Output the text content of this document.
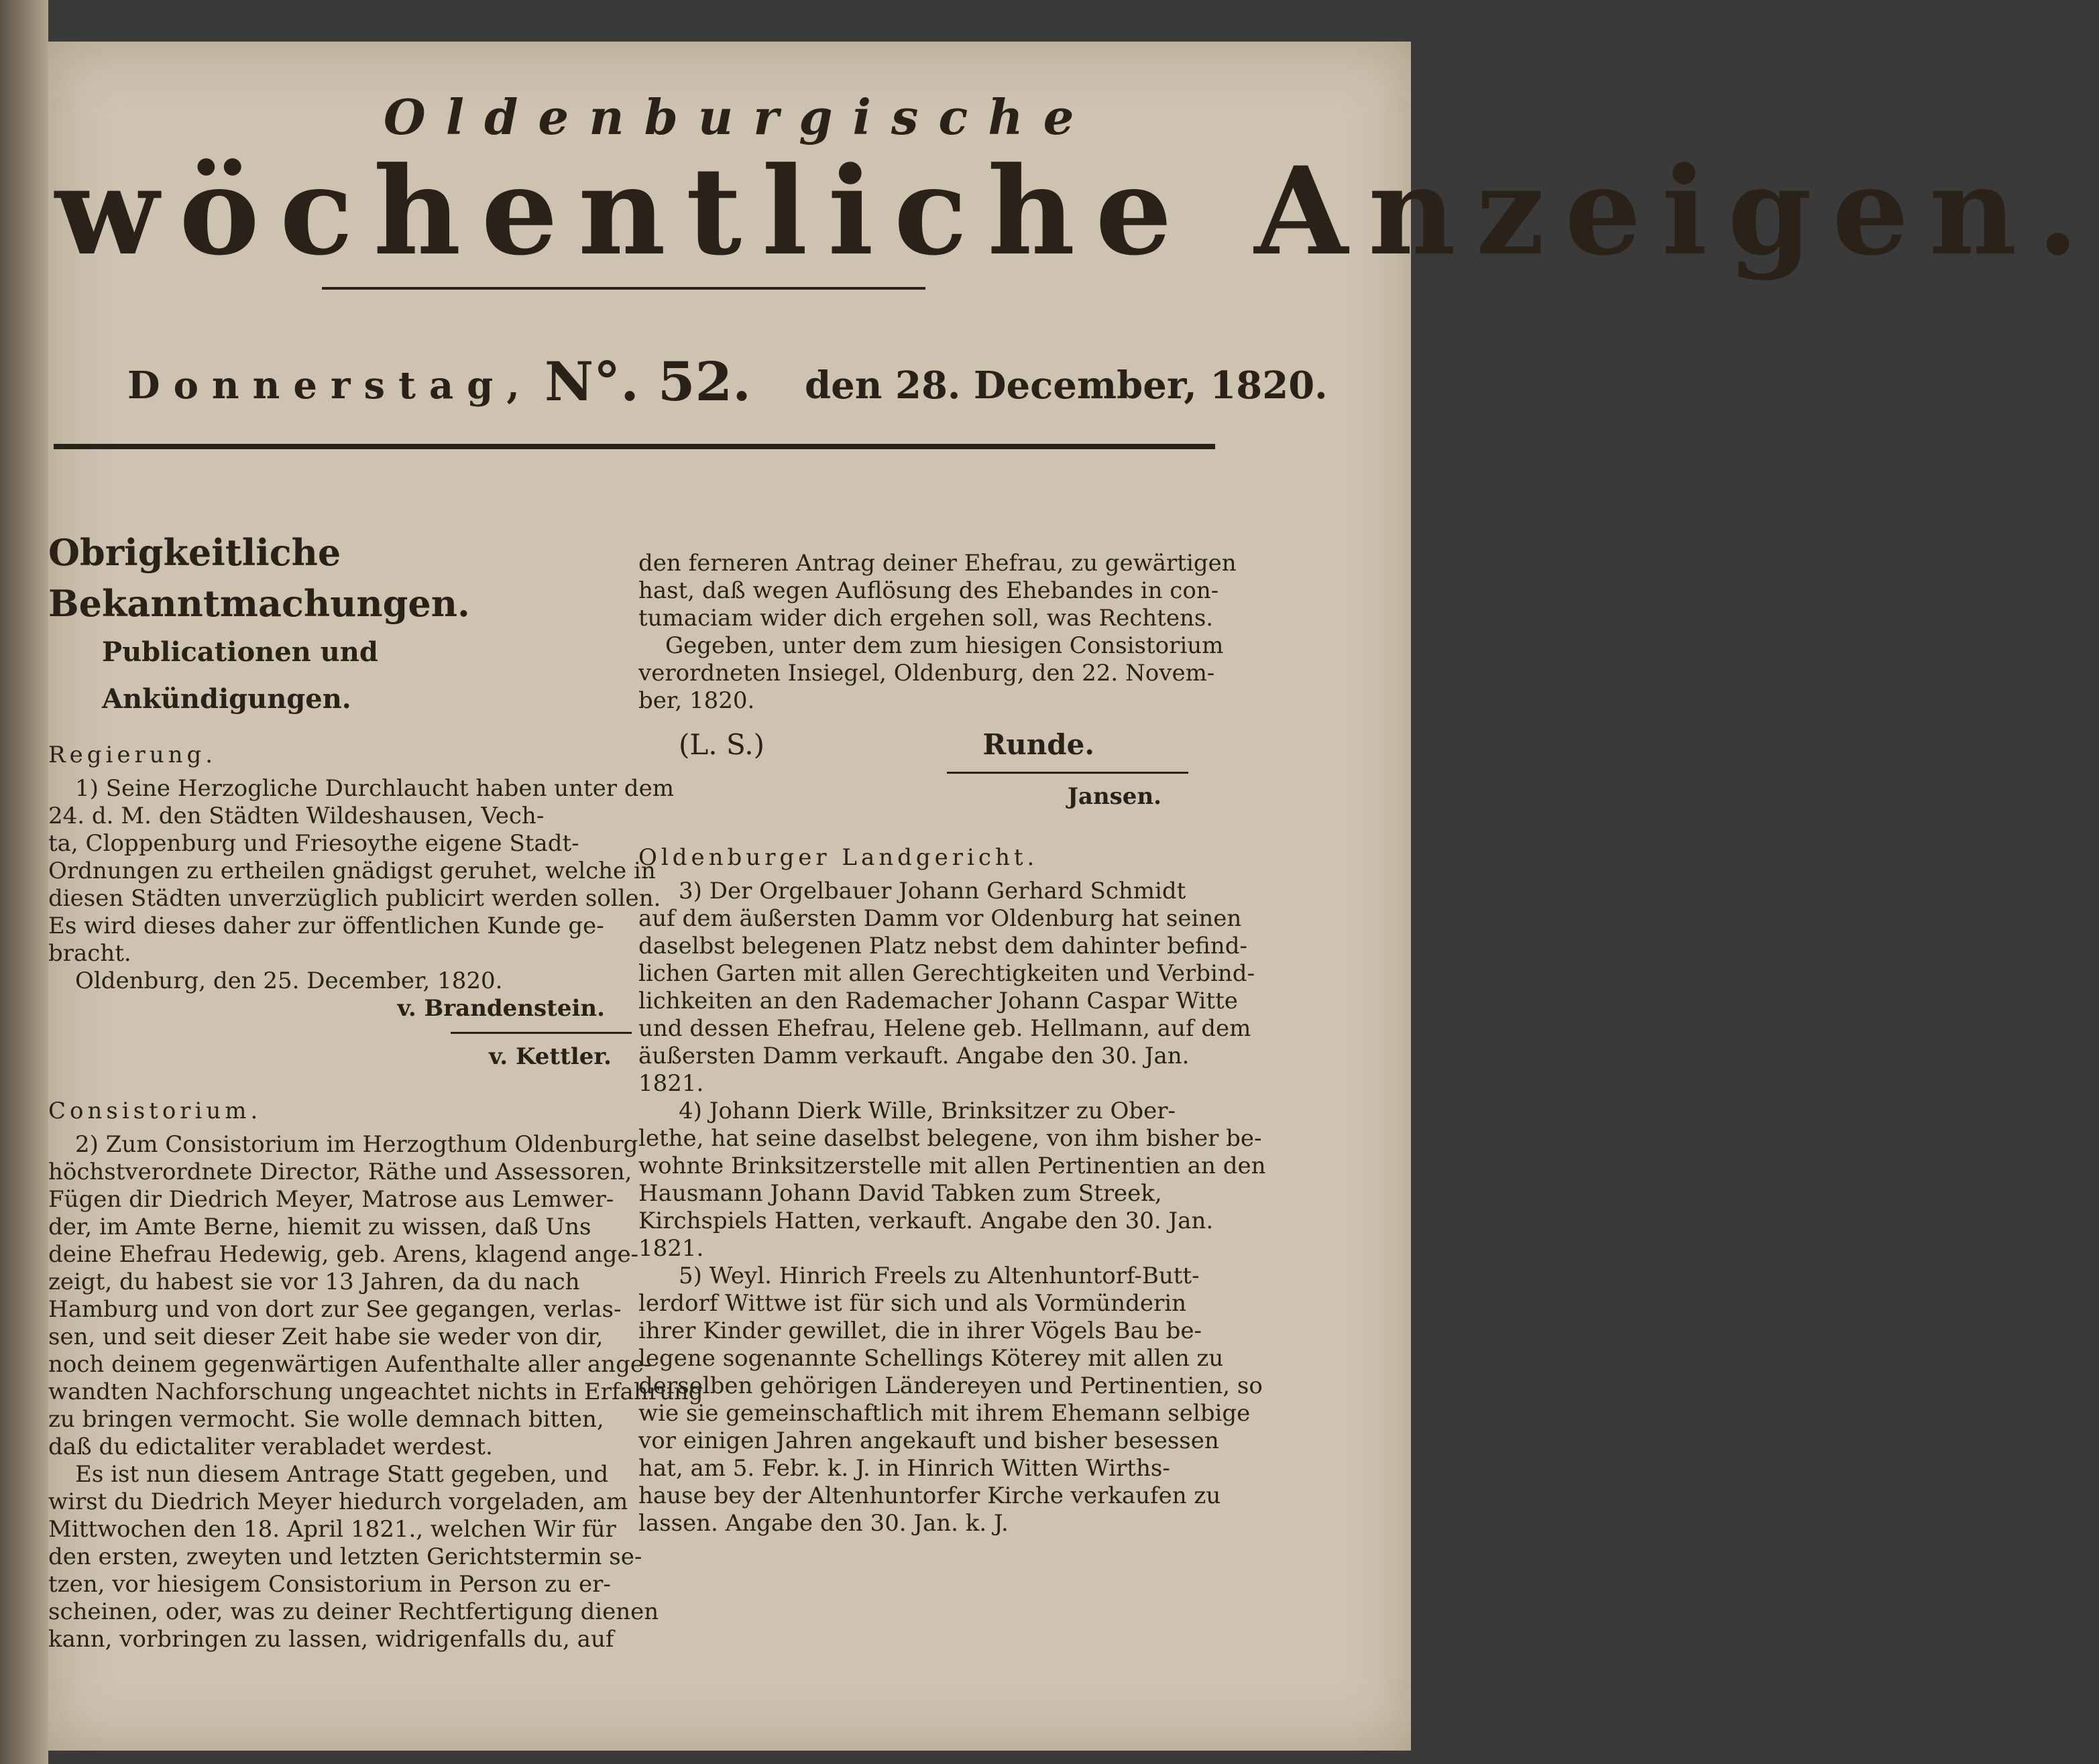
Oldenburgische
wöchentliche Anzeigen.
Donnerstag, N°. 52. den 28. December, 1820.
Obrigkeitliche Bekanntmachungen.
Publicationen und Ankündigungen.
Regierung.

1) Seine Herzogliche Durchlaucht haben unter dem

24. d. M. den Städten Wildeshausen, Vech-

ta, Cloppenburg und Friesoythe eigene Stadt-

Ordnungen zu ertheilen gnädigst geruhet, welche in

diesen Städten unverzüglich publicirt werden sollen.

Es wird dieses daher zur öffentlichen Kunde ge-

bracht.

Oldenburg, den 25. December, 1820.

v. Brandenstein.

v. Kettler.

Consistorium.

2) Zum Consistorium im Herzogthum Oldenburg

höchstverordnete Director, Räthe und Assessoren,

Fügen dir Diedrich Meyer, Matrose aus Lemwer-

der, im Amte Berne, hiemit zu wissen, daß Uns

deine Ehefrau Hedewig, geb. Arens, klagend ange-

zeigt, du habest sie vor 13 Jahren, da du nach

Hamburg und von dort zur See gegangen, verlas-

sen, und seit dieser Zeit habe sie weder von dir,

noch deinem gegenwärtigen Aufenthalte aller ange-

wandten Nachforschung ungeachtet nichts in Erfahrung

zu bringen vermocht. Sie wolle demnach bitten,

daß du edictaliter verabladet werdest.

Es ist nun diesem Antrage Statt gegeben, und

wirst du Diedrich Meyer hiedurch vorgeladen, am

Mittwochen den 18. April 1821., welchen Wir für

den ersten, zweyten und letzten Gerichtstermin se-

tzen, vor hiesigem Consistorium in Person zu er-

scheinen, oder, was zu deiner Rechtfertigung dienen

kann, vorbringen zu lassen, widrigenfalls du, auf

den ferneren Antrag deiner Ehefrau, zu gewärtigen

hast, daß wegen Auflösung des Ehebandes in con-

tumaciam wider dich ergehen soll, was Rechtens.

Gegeben, unter dem zum hiesigen Consistorium

verordneten Insiegel, Oldenburg, den 22. Novem-

ber, 1820.

(L. S.)	Runde.

Jansen.

Oldenburger Landgericht.

3) Der Orgelbauer Johann Gerhard Schmidt

auf dem äußersten Damm vor Oldenburg hat seinen

daselbst belegenen Platz nebst dem dahinter befind-

lichen Garten mit allen Gerechtigkeiten und Verbind-

lichkeiten an den Rademacher Johann Caspar Witte

und dessen Ehefrau, Helene geb. Hellmann, auf dem

äußersten Damm verkauft. Angabe den 30. Jan.

1821.

4) Johann Dierk Wille, Brinksitzer zu Ober-

lethe, hat seine daselbst belegene, von ihm bisher be-

wohnte Brinksitzerstelle mit allen Pertinentien an den

Hausmann Johann David Tabken zum Streek,

Kirchspiels Hatten, verkauft. Angabe den 30. Jan.

1821.

5) Weyl. Hinrich Freels zu Altenhuntorf-Butt-

lerdorf Wittwe ist für sich und als Vormünderin

ihrer Kinder gewillet, die in ihrer Vögels Bau be-

legene sogenannte Schellings Köterey mit allen zu

derselben gehörigen Ländereyen und Pertinentien, so

wie sie gemeinschaftlich mit ihrem Ehemann selbige

vor einigen Jahren angekauft und bisher besessen

hat, am 5. Febr. k. J. in Hinrich Witten Wirths-

hause bey der Altenhuntorfer Kirche verkaufen zu

lassen. Angabe den 30. Jan. k. J.
